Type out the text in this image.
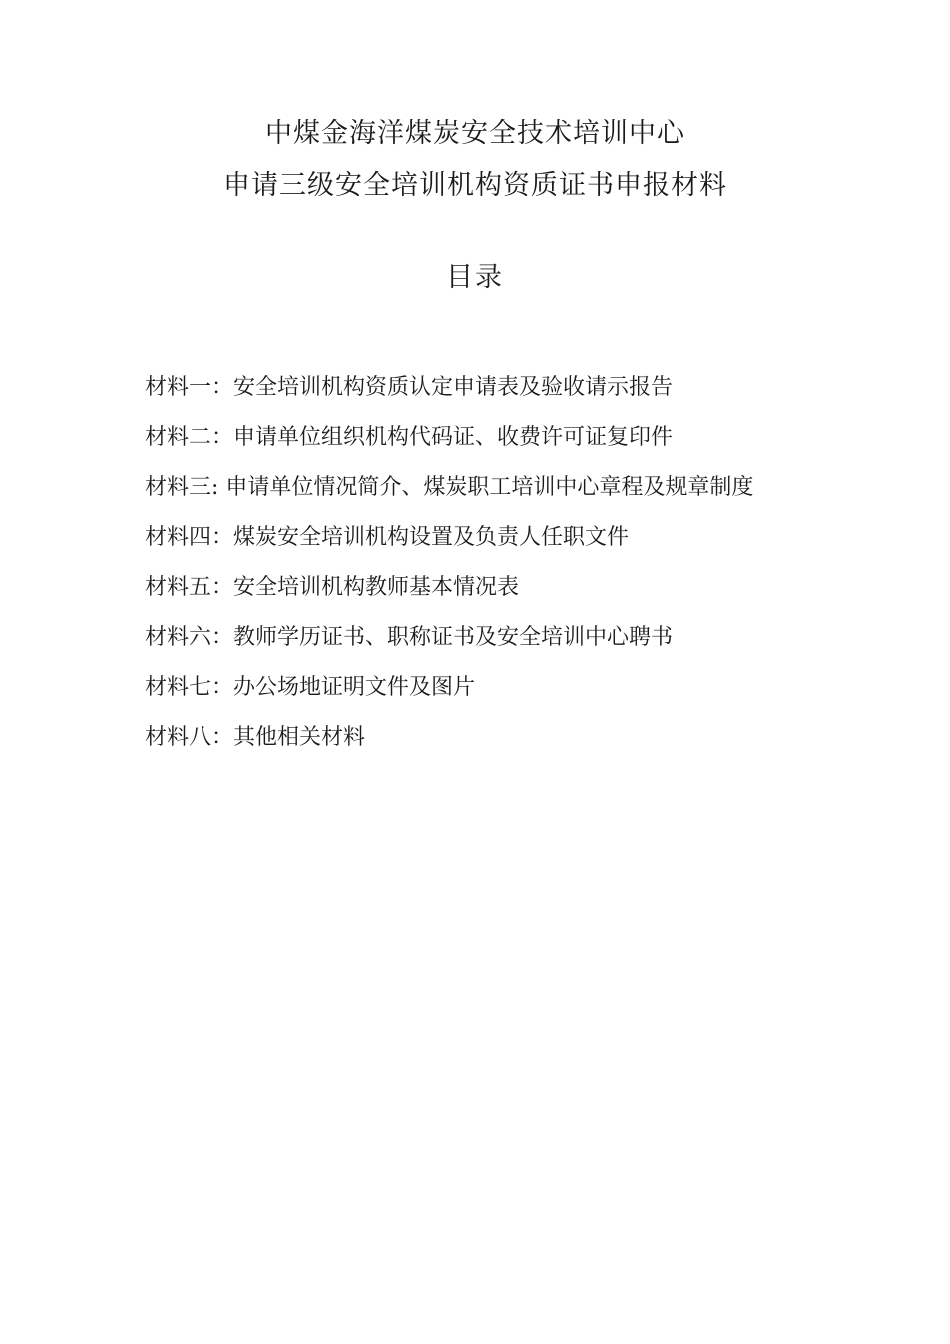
中煤金海洋煤炭安全技术培训中心
申请三级安全培训机构资质证书申报材料
目录
材料一：安全培训机构资质认定申请表及验收请示报告
材料二：申请单位组织机构代码证、收费许可证复印件
材料三: 申请单位情况简介、煤炭职工培训中心章程及规章制度
材料四：煤炭安全培训机构设置及负责人任职文件
材料五：安全培训机构教师基本情况表
材料六：教师学历证书、职称证书及安全培训中心聘书
材料七：办公场地证明文件及图片
材料八：其他相关材料
